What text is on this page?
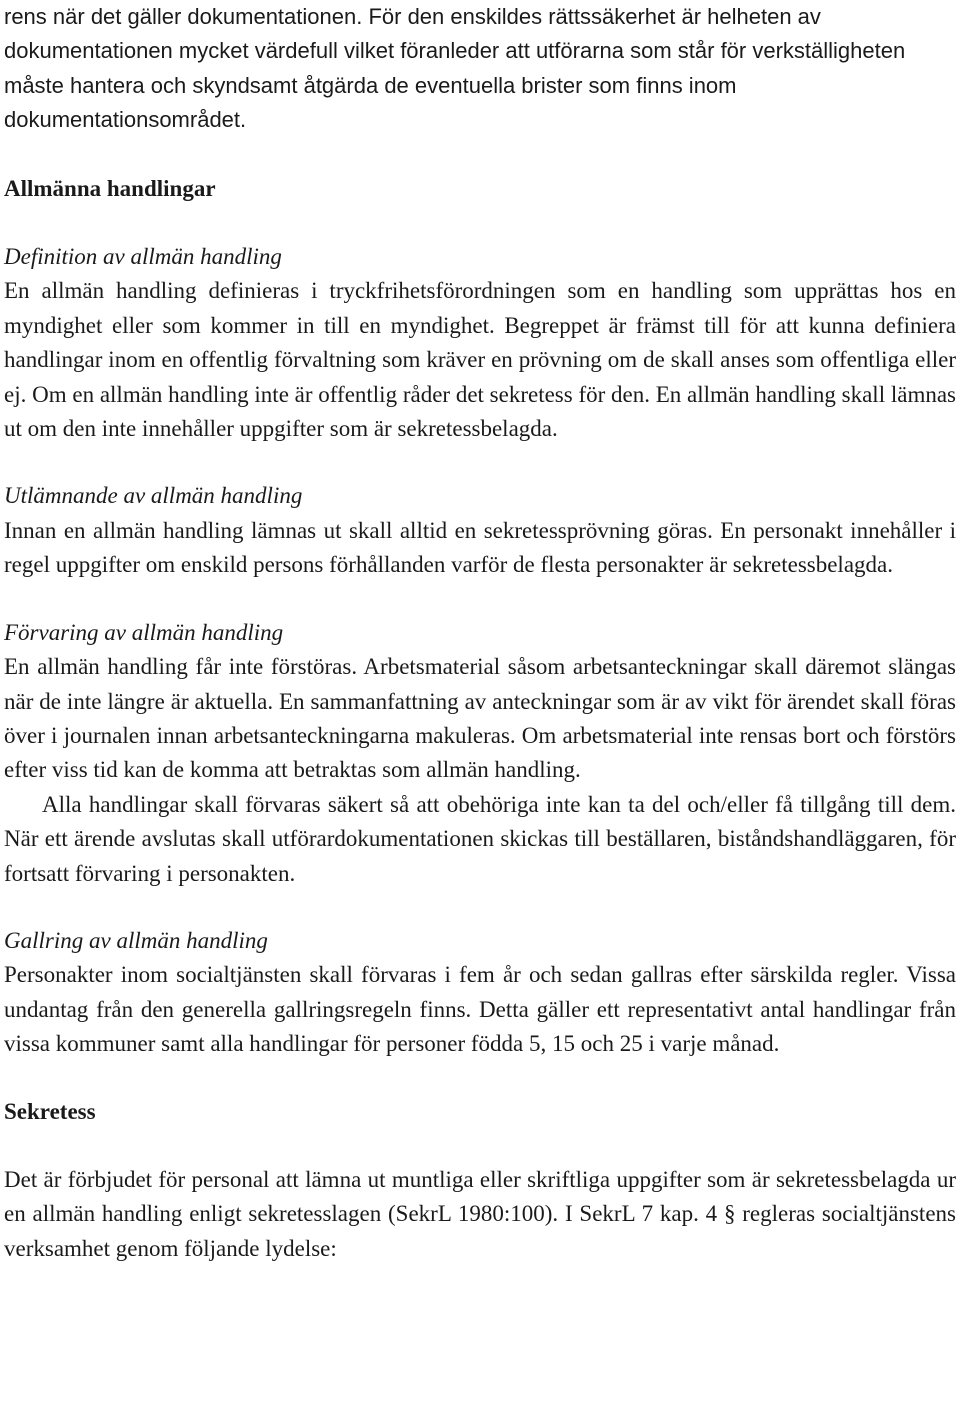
rens när det gäller dokumentationen. För den enskildes rättssäkerhet är helheten av dokumentationen mycket värdefull vilket föranleder att utförarna som står för verkställigheten måste hantera och skyndsamt åtgärda de eventuella brister som finns inom dokumentationsområdet.

Allmänna handlingar
Definition av allmän handling

En allmän handling definieras i tryckfrihetsförordningen som en handling som upprättas hos en myndighet eller som kommer in till en myndighet. Begreppet är främst till för att kunna definiera handlingar inom en offentlig förvaltning som kräver en prövning om de skall anses som offentliga eller ej. Om en allmän handling inte är offentlig råder det sekretess för den. En allmän handling skall lämnas ut om den inte innehåller uppgifter som är sekretessbelagda.

Utlämnande av allmän handling

Innan en allmän handling lämnas ut skall alltid en sekretessprövning göras. En personakt innehåller i regel uppgifter om enskild persons förhållanden varför de flesta personakter är sekretessbelagda.

Förvaring av allmän handling

En allmän handling får inte förstöras. Arbetsmaterial såsom arbetsanteckningar skall däremot slängas när de inte längre är aktuella. En sammanfattning av anteckningar som är av vikt för ärendet skall föras över i journalen innan arbetsanteckningarna makuleras. Om arbetsmaterial inte rensas bort och förstörs efter viss tid kan de komma att betraktas som allmän handling.

Alla handlingar skall förvaras säkert så att obehöriga inte kan ta del och/eller få tillgång till dem. När ett ärende avslutas skall utförardokumentationen skickas till beställaren, biståndshandläggaren, för fortsatt förvaring i personakten.

Gallring av allmän handling

Personakter inom socialtjänsten skall förvaras i fem år och sedan gallras efter särskilda regler. Vissa undantag från den generella gallringsregeln finns. Detta gäller ett representativt antal handlingar från vissa kommuner samt alla handlingar för personer födda 5, 15 och 25 i varje månad.

Sekretess

Det är förbjudet för personal att lämna ut muntliga eller skriftliga uppgifter som är sekretessbelagda ur en allmän handling enligt sekretesslagen (SekrL 1980:100). I SekrL 7 kap. 4 § regleras socialtjänstens verksamhet genom följande lydelse:
